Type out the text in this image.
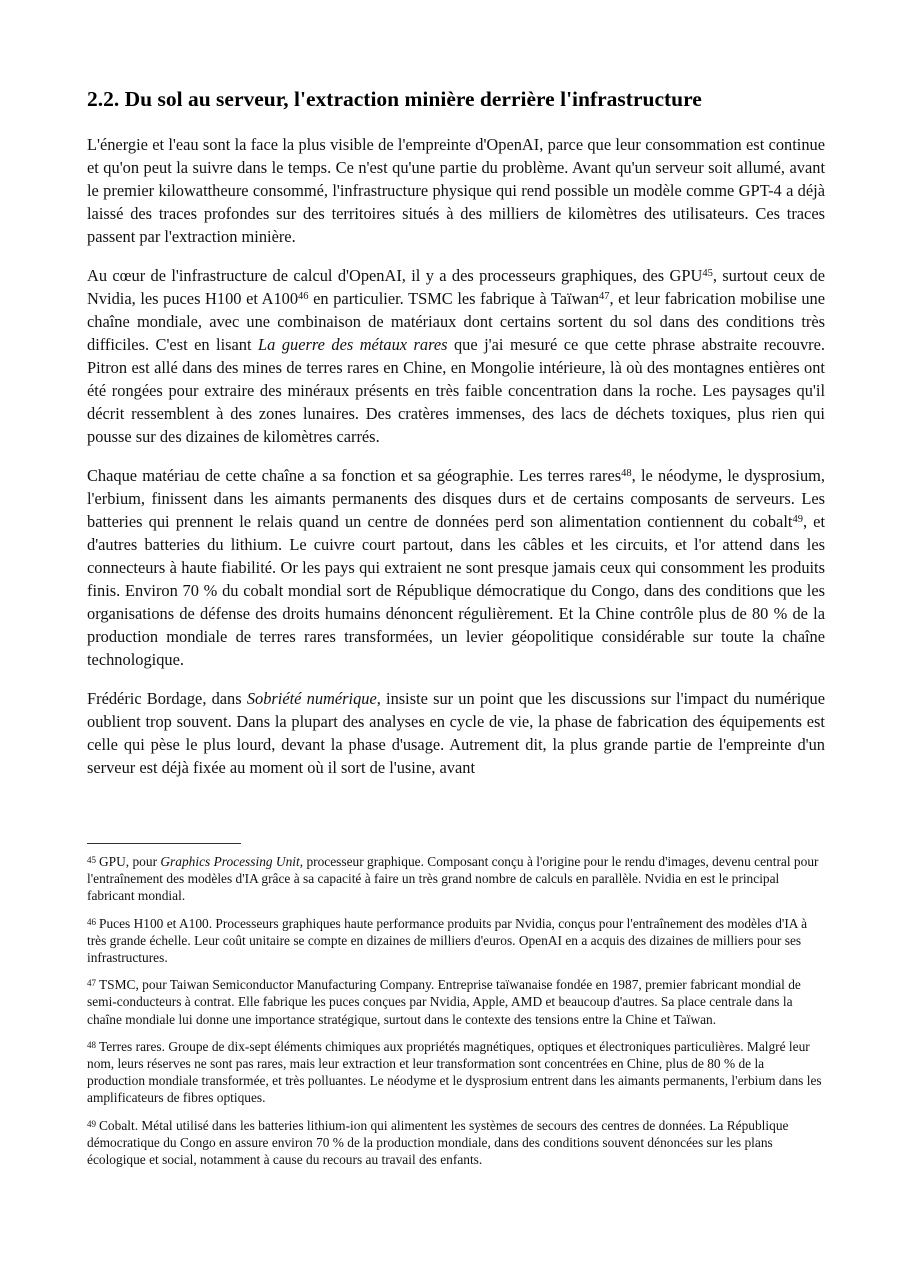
2.2. Du sol au serveur, l'extraction minière derrière l'infrastructure

L'énergie et l'eau sont la face la plus visible de l'empreinte d'OpenAI, parce que leur consommation est continue et qu'on peut la suivre dans le temps. Ce n'est qu'une partie du problème. Avant qu'un serveur soit allumé, avant le premier kilowattheure consommé, l'infrastructure physique qui rend possible un modèle comme GPT-4 a déjà laissé des traces profondes sur des territoires situés à des milliers de kilomètres des utilisateurs. Ces traces passent par l'extraction minière.

Au cœur de l'infrastructure de calcul d'OpenAI, il y a des processeurs graphiques, des GPU$^{45}$, surtout ceux de Nvidia, les puces H100 et A100$^{46}$ en particulier. TSMC les fabrique à Taïwan$^{47}$, et leur fabrication mobilise une chaîne mondiale, avec une combinaison de matériaux dont certains sortent du sol dans des conditions très difficiles. C'est en lisant La guerre des métaux rares que j'ai mesuré ce que cette phrase abstraite recouvre. Pitron est allé dans des mines de terres rares en Chine, en Mongolie intérieure, là où des montagnes entières ont été rongées pour extraire des minéraux présents en très faible concentration dans la roche. Les paysages qu'il décrit ressemblent à des zones lunaires. Des cratères immenses, des lacs de déchets toxiques, plus rien qui pousse sur des dizaines de kilomètres carrés.

Chaque matériau de cette chaîne a sa fonction et sa géographie. Les terres rares$^{48}$, le néodyme, le dysprosium, l'erbium, finissent dans les aimants permanents des disques durs et de certains composants de serveurs. Les batteries qui prennent le relais quand un centre de données perd son alimentation contiennent du cobalt$^{49}$, et d'autres batteries du lithium. Le cuivre court partout, dans les câbles et les circuits, et l'or attend dans les connecteurs à haute fiabilité. Or les pays qui extraient ne sont presque jamais ceux qui consomment les produits finis. Environ 70 % du cobalt mondial sort de République démocratique du Congo, dans des conditions que les organisations de défense des droits humains dénoncent régulièrement. Et la Chine contrôle plus de 80 % de la production mondiale de terres rares transformées, un levier géopolitique considérable sur toute la chaîne technologique.

Frédéric Bordage, dans Sobriété numérique, insiste sur un point que les discussions sur l'impact du numérique oublient trop souvent. Dans la plupart des analyses en cycle de vie, la phase de fabrication des équipements est celle qui pèse le plus lourd, devant la phase d'usage. Autrement dit, la plus grande partie de l'empreinte d'un serveur est déjà fixée au moment où il sort de l'usine, avant

$^{45}$ GPU, pour Graphics Processing Unit, processeur graphique. Composant conçu à l'origine pour le rendu d'images, devenu central pour l'entraînement des modèles d'IA grâce à sa capacité à faire un très grand nombre de calculs en parallèle. Nvidia en est le principal fabricant mondial.

$^{46}$ Puces H100 et A100. Processeurs graphiques haute performance produits par Nvidia, conçus pour l'entraînement des modèles d'IA à très grande échelle. Leur coût unitaire se compte en dizaines de milliers d'euros. OpenAI en a acquis des dizaines de milliers pour ses infrastructures.

$^{47}$ TSMC, pour Taiwan Semiconductor Manufacturing Company. Entreprise taïwanaise fondée en 1987, premier fabricant mondial de semi-conducteurs à contrat. Elle fabrique les puces conçues par Nvidia, Apple, AMD et beaucoup d'autres. Sa place centrale dans la chaîne mondiale lui donne une importance stratégique, surtout dans le contexte des tensions entre la Chine et Taïwan.

$^{48}$ Terres rares. Groupe de dix-sept éléments chimiques aux propriétés magnétiques, optiques et électroniques particulières. Malgré leur nom, leurs réserves ne sont pas rares, mais leur extraction et leur transformation sont concentrées en Chine, plus de 80 % de la production mondiale transformée, et très polluantes. Le néodyme et le dysprosium entrent dans les aimants permanents, l'erbium dans les amplificateurs de fibres optiques.

$^{49}$ Cobalt. Métal utilisé dans les batteries lithium-ion qui alimentent les systèmes de secours des centres de données. La République démocratique du Congo en assure environ 70 % de la production mondiale, dans des conditions souvent dénoncées sur les plans écologique et social, notamment à cause du recours au travail des enfants.
